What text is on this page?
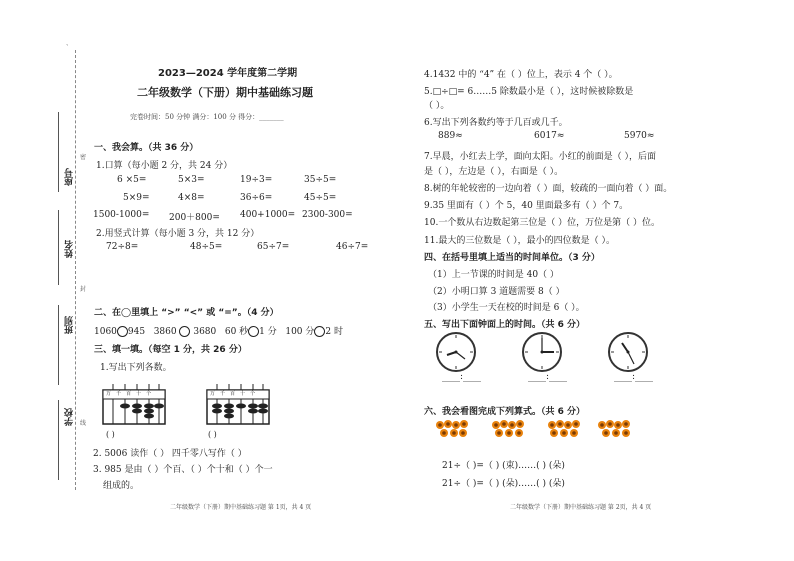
、
座号
姓名
班别
学校
密
封
线
2023—2024 学年度第二学期
二年级数学（下册）期中基础练习题
完卷时间：50 分钟 满分：100 分 得分：_______
一、我会算。（共 36 分）
1.口算（每小题 2 分，共 24 分）
6 ×5=	5×3=	19÷3=	35÷5=
5×9=	4×8=	36÷6=	45÷5=
1500-1000= 200＋800= 400+1000= 2300-300=
2.用竖式计算（每小题 3 分，共 12 分）
72÷8=	48÷5=	65÷7=	46÷7=
二、在◯里填上 “>” “<” 或 “=”。（4 分）
1060 945 3860 3680 60 秒 1 分 100 分 2 时
三、填一填。（每空 1 分，共 26 分）
1.写出下列各数。
万千百十个	万千百十个
( )	( )
2. 5006 读作（ ） 四千零八写作（ ）
3. 985 是由（ ）个百、（ ）个十和（ ）个一
组成的。
二年级数学（下册）期中基础练习题 第 1页，共 4 页
4.1432 中的 “4” 在（ ）位上，表示 4 个（ ）。
5.□÷□= 6……5 除数最小是（ ），这时候被除数是
（ ）。
6.写出下列各数约等于几百或几千。
889≈	6017≈	5970≈
7.早晨，小红去上学，面向太阳。小红的前面是（ ），后面
是（ ），左边是（ ），右面是（ ）。
8.树的年轮较密的一边向着（ ）面，较疏的一面向着（ ）面。
9.35 里面有（ ）个 5，40 里面最多有（ ）个 7。
10.一个数从右边数起第三位是（ ）位，万位是第（ ）位。
11.最大的三位数是（ ），最小的四位数是（ ）。
四、在括号里填上适当的时间单位。（3 分）
（1）上一节课的时间是 40（ ）
（2）小明口算 3 道题需要 8（ ）
（3）小学生一天在校的时间是 6（ ）。
五、写出下面钟面上的时间。（共 6 分）
____:____	____:____	____:____
六、我会看图完成下列算式。（共 6 分）
21÷（ )=（ ) (束)……( ) (朵)
21÷（ )=（ ) (朵)……( ) (朵)
二年级数学（下册）期中基础练习题 第 2页，共 4 页
